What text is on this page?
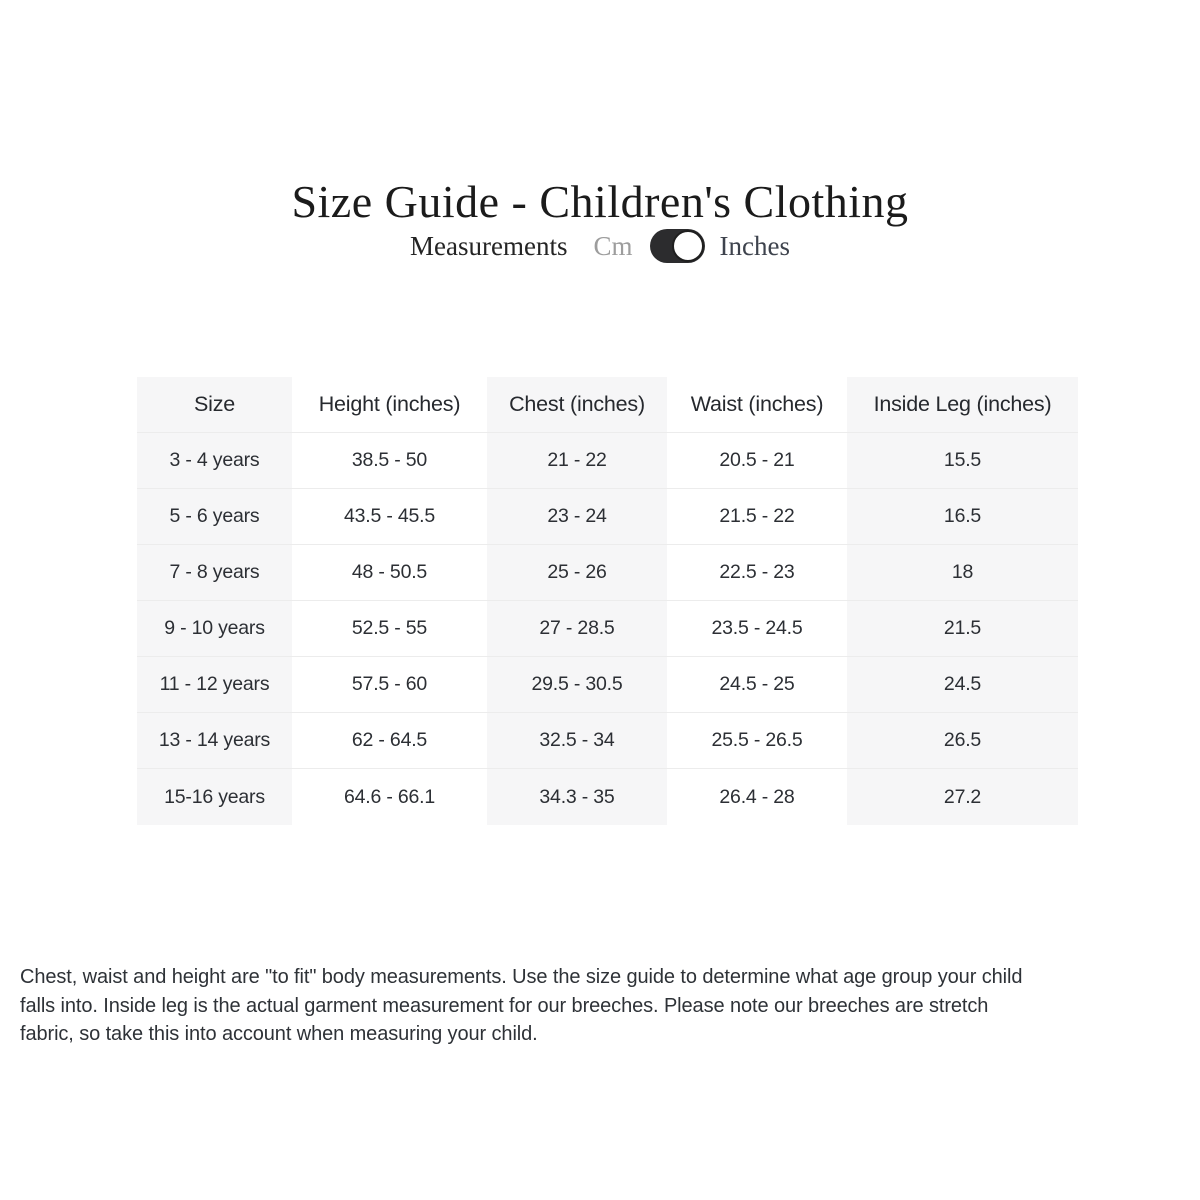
Size Guide - Children's Clothing
Measurements Cm	Inches
Size	Height (inches)	Chest (inches)	Waist (inches)	Inside Leg (inches)
3 - 4 years	38.5 - 50	21 - 22	20.5 - 21	15.5
5 - 6 years	43.5 - 45.5	23 - 24	21.5 - 22	16.5
7 - 8 years	48 - 50.5	25 - 26	22.5 - 23	18
9 - 10 years	52.5 - 55	27 - 28.5	23.5 - 24.5	21.5
11 - 12 years	57.5 - 60	29.5 - 30.5	24.5 - 25	24.5
13 - 14 years	62 - 64.5	32.5 - 34	25.5 - 26.5	26.5
15-16 years	64.6 - 66.1	34.3 - 35	26.4 - 28	27.2
Chest, waist and height are "to fit" body measurements. Use the size guide to determine what age group your child
falls into. Inside leg is the actual garment measurement for our breeches. Please note our breeches are stretch
fabric, so take this into account when measuring your child.
